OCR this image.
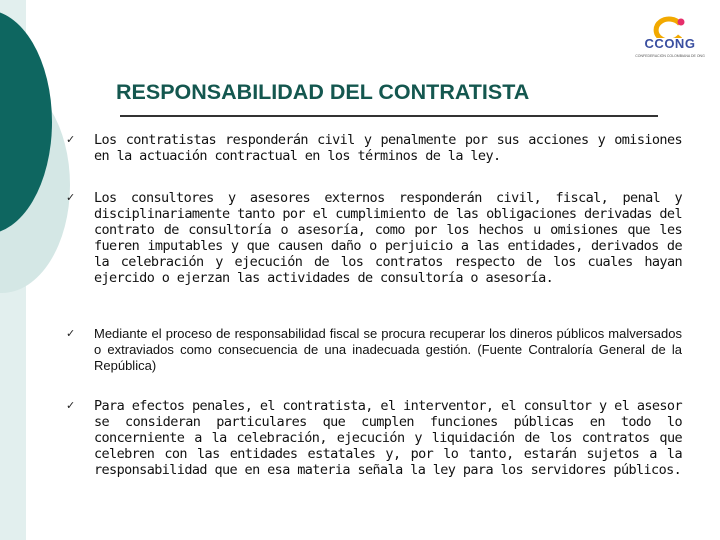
CCONG
CONFEDERACIÓN COLOMBIANA DE ONG
RESPONSABILIDAD DEL CONTRATISTA
✓ Los contratistas responderán civil y penalmente por sus acciones y omisiones en la actuación contractual en los términos de la ley.
✓ Los consultores y asesores externos responderán civil, fiscal, penal y disciplinariamente tanto por el cumplimiento de las obligaciones derivadas del contrato de consultoría o asesoría, como por los hechos u omisiones que les fueren imputables y que causen daño o perjuicio a las entidades, derivados de la celebración y ejecución de los contratos respecto de los cuales hayan ejercido o ejerzan las actividades de consultoría o asesoría.
✓ Mediante el proceso de responsabilidad fiscal se procura recuperar los dineros públicos malversados o extraviados como consecuencia de una inadecuada gestión. (Fuente Contraloría General de la República)
✓ Para efectos penales, el contratista, el interventor, el consultor y el asesor se consideran particulares que cumplen funciones públicas en todo lo concerniente a la celebración, ejecución y liquidación de los contratos que celebren con las entidades estatales y, por lo tanto, estarán sujetos a la responsabilidad que en esa materia señala la ley para los servidores públicos.
